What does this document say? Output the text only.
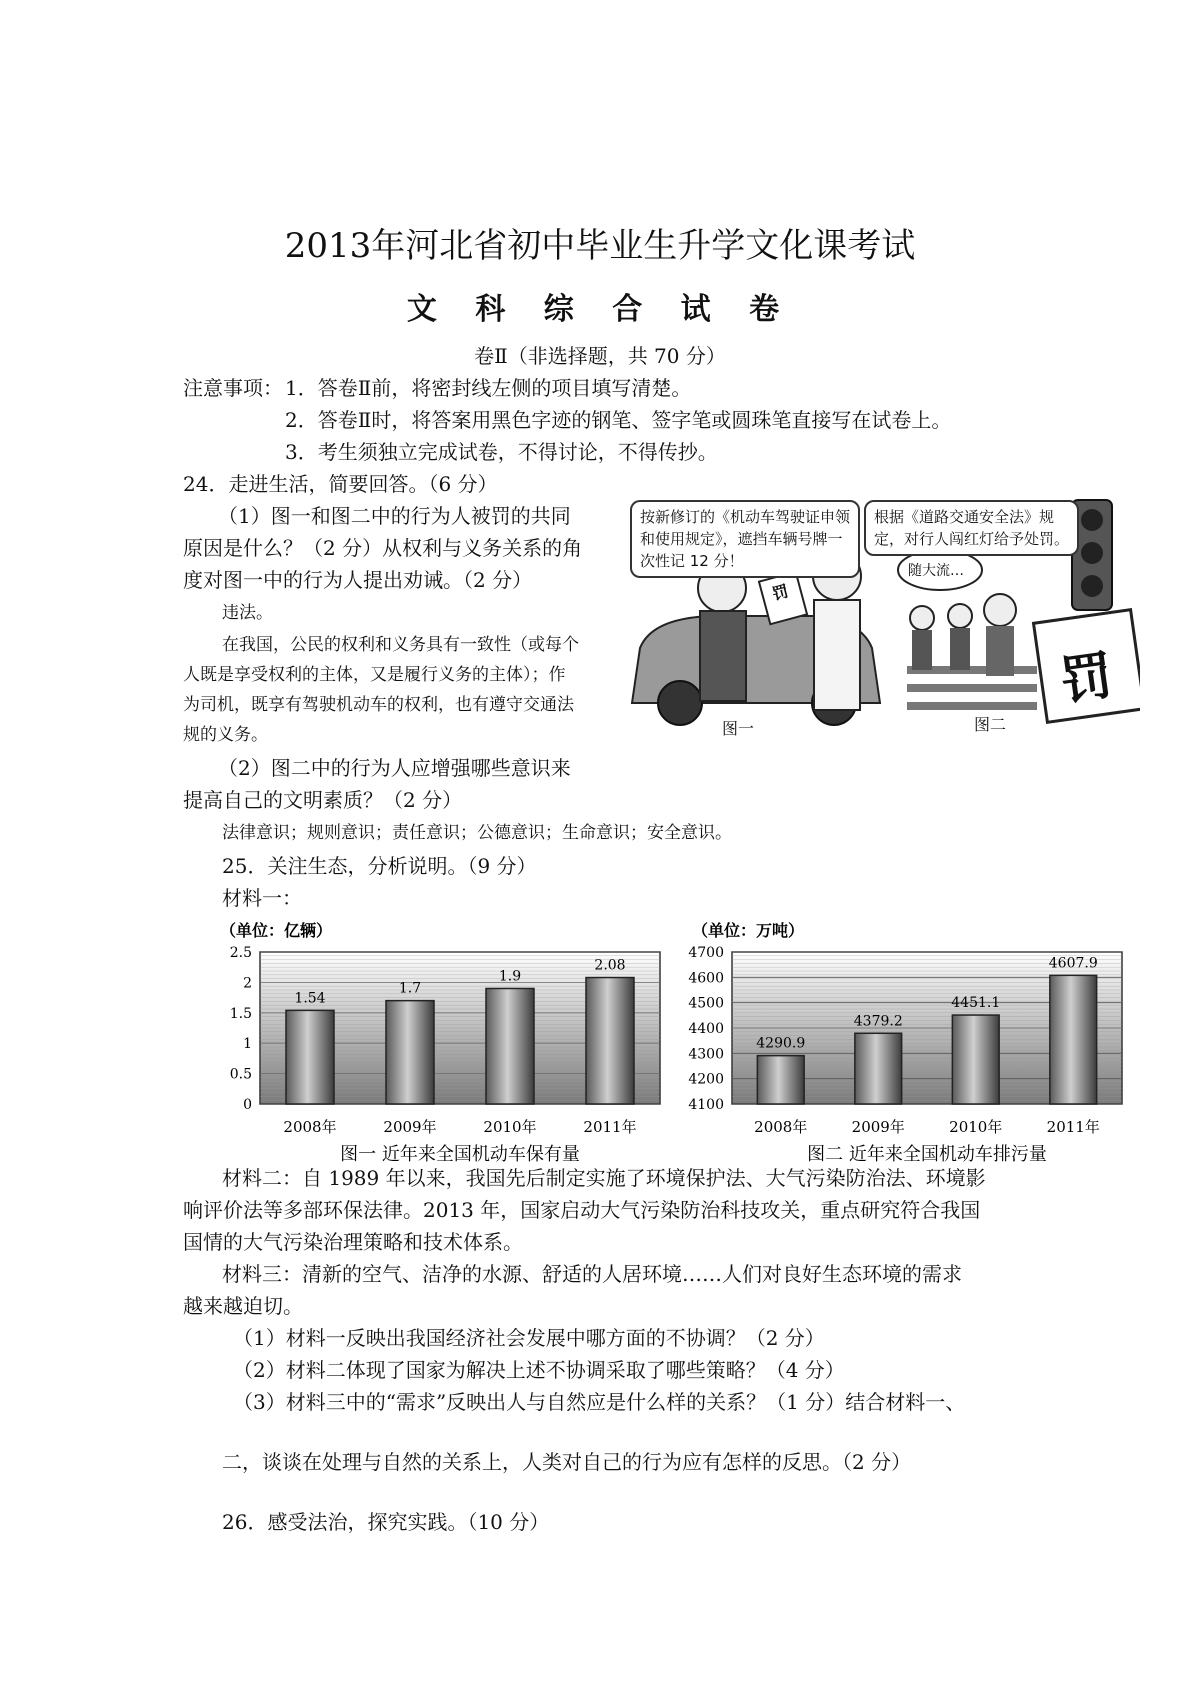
2013年河北省初中毕业生升学文化课考试
文 科 综 合 试 卷
卷Ⅱ（非选择题，共 70 分）
注意事项： 1．答卷Ⅱ前，将密封线左侧的项目填写清楚。
2．答卷Ⅱ时，将答案用黑色字迹的钢笔、签字笔或圆珠笔直接写在试卷上。
3．考生须独立完成试卷，不得讨论，不得传抄。
24．走进生活，简要回答。（6 分）
（1）图一和图二中的行为人被罚的共同
原因是什么？（2 分）从权利与义务关系的角
度对图一中的行为人提出劝诫。（2 分）
违法。
在我国，公民的权利和义务具有一致性（或每个
人既是享受权利的主体，又是履行义务的主体）；作
为司机，既享有驾驶机动车的权利，也有遵守交通法
规的义务。
（2）图二中的行为人应增强哪些意识来
提高自己的文明素质？（2 分）
法律意识；规则意识；责任意识；公德意识；生命意识；安全意识。
按新修订的《机动车驾驶证申领和使用规定》，遮挡车辆号牌一次性记 12 分！
根据《道路交通安全法》规定，对行人闯红灯给予处罚。
随大流…
罚
罚
图一	图二
25．关注生态，分析说明。（9 分）
材料一：
（单位：亿辆）
2.5
2
1.5
1
0.5
0
1.54
2008年
1.7
2009年
1.9
2010年
2.08
2011年
图一 近年来全国机动车保有量
（单位：万吨）
4700
4600
4500
4400
4300
4200
4100
4290.9
2008年
4379.2
2009年
4451.1
2010年
4607.9
2011年
图二 近年来全国机动车排污量
材料二：自 1989 年以来，我国先后制定实施了环境保护法、大气污染防治法、环境影
响评价法等多部环保法律。2013 年，国家启动大气污染防治科技攻关，重点研究符合我国
国情的大气污染治理策略和技术体系。
材料三：清新的空气、洁净的水源、舒适的人居环境……人们对良好生态环境的需求
越来越迫切。
（1）材料一反映出我国经济社会发展中哪方面的不协调？（2 分）
（2）材料二体现了国家为解决上述不协调采取了哪些策略？（4 分）
（3）材料三中的“需求”反映出人与自然应是什么样的关系？（1 分）结合材料一、
二，谈谈在处理与自然的关系上，人类对自己的行为应有怎样的反思。（2 分）
26．感受法治，探究实践。（10 分）
